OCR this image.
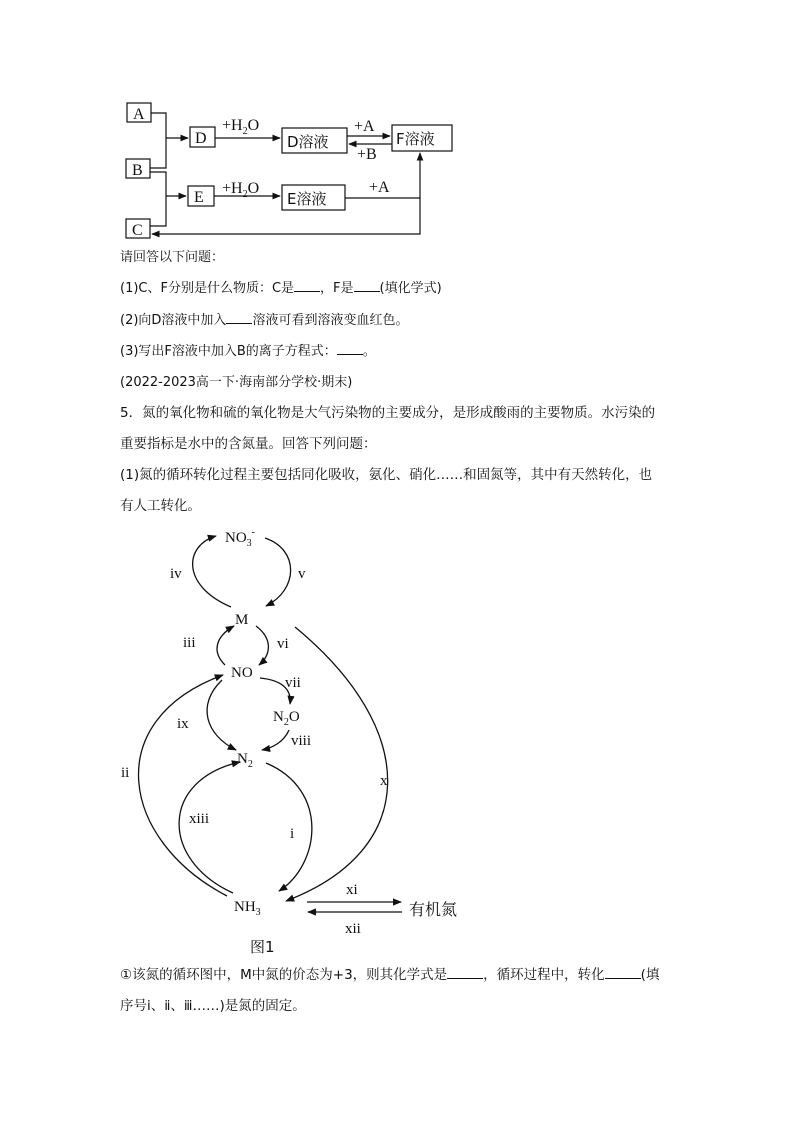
A
B
C
D
E
D溶液
E溶液
F溶液
$+H_2O$
$+H_2O$
+A
+B
+A
请回答以下问题：
(1)C、F分别是什么物质：C是 ，F是 (填化学式)
(2)向D溶液中加入 溶液可看到溶液变血红色。
(3)写出F溶液中加入B的离子方程式： 。
(2022-2023高一下·海南部分学校·期末)
5．氮的氧化物和硫的氧化物是大气污染物的主要成分，是形成酸雨的主要物质。水污染的
重要指标是水中的含氮量。回答下列问题：
(1)氮的循环转化过程主要包括同化吸收，氨化、硝化……和固氮等，其中有天然转化，也
有人工转化。
$NO_3^-$
M
NO
$N_2O$
$N_2$
$NH_3$	有机氮
iv	v
iii	vi
vii
viii
ix
ii	x
xiii
i
xi
xii
图1
①该氮的循环图中，M中氮的价态为+3，则其化学式是	，循环过程中，转化	(填
序号ⅰ、ⅱ、ⅲ……)是氮的固定。
